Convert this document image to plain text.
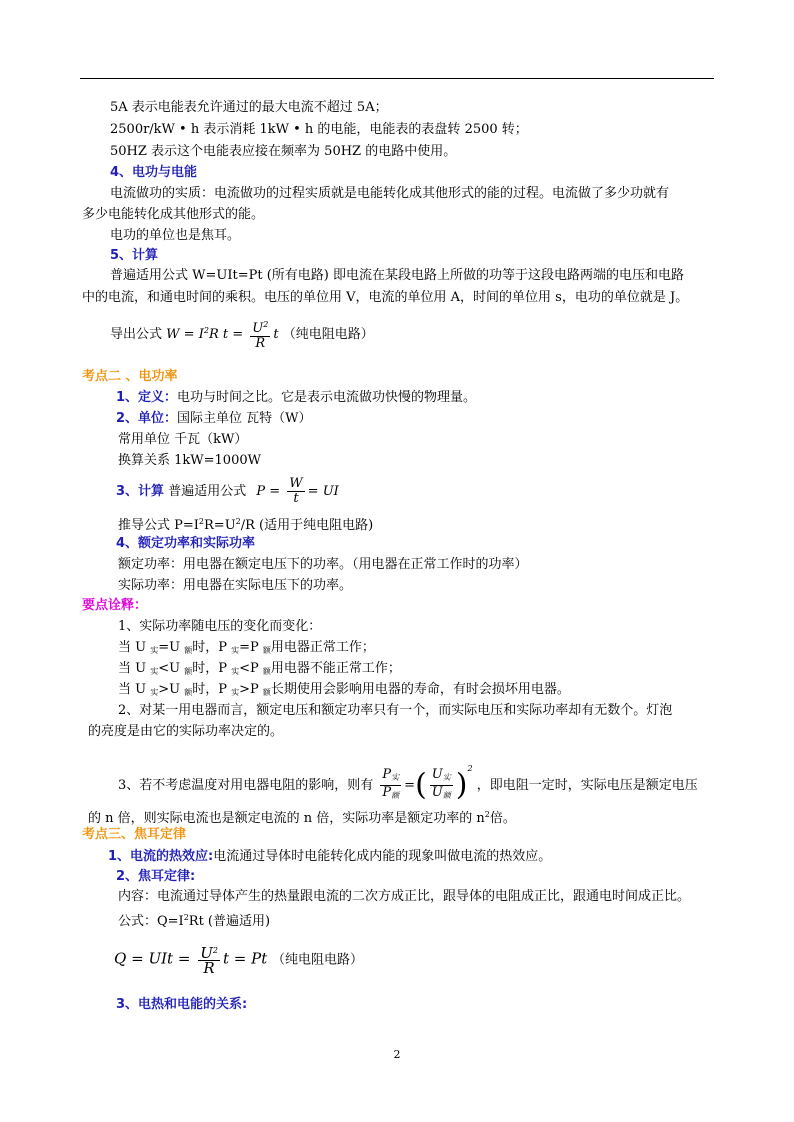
5A 表示电能表允许通过的最大电流不超过 5A；
2500r/kW • h 表示消耗 1kW • h 的电能，电能表的表盘转 2500 转；
50HZ 表示这个电能表应接在频率为 50HZ 的电路中使用。
4、电功与电能
电流做功的实质：电流做功的过程实质就是电能转化成其他形式的能的过程。电流做了多少功就有
多少电能转化成其他形式的能。
电功的单位也是焦耳。
5、计算
普遍适用公式 W=UIt=Pt (所有电路) 即电流在某段电路上所做的功等于这段电路两端的电压和电路
中的电流，和通电时间的乘积。电压的单位用 V，电流的单位用 A，时间的单位用 s，电功的单位就是 J。
导出公式 $W = I^2R$ $t = \frac{U^2}{R}$ t （纯电阻电路）
考点二 、电功率
1、定义：电功与时间之比。它是表示电流做功快慢的物理量。
2、单位：国际主单位 瓦特（W）
常用单位 千瓦（kW）
换算关系 1kW=1000W
3、计算 普遍适用公式 $P = \frac{W}{t}$ = UI
推导公式 $P=I^2R=U^2/R$ (适用于纯电阻电路)
4、额定功率和实际功率
额定功率：用电器在额定电压下的功率。（用电器在正常工作时的功率）
实际功率：用电器在实际电压下的功率。
要点诠释：
1、实际功率随电压的变化而变化：
当 U $_实$=U $_额$时，P $_实$=P $_额$用电器正常工作；
当 U $_实$<U $_额$时，P $_实$<P $_额$用电器不能正常工作；
当 U $_实$>U $_额$时，P $_实$>P $_额$长期使用会影响用电器的寿命，有时会损坏用电器。
2、对某一用电器而言，额定电压和额定功率只有一个，而实际电压和实际功率却有无数个。灯泡
的亮度是由它的实际功率决定的。
3、若不考虑温度对用电器电阻的影响，则有 $\frac{P_实}{P_额}$ =( $\frac{U_实}{U_额} )^2$ ，即电阻一定时，实际电压是额定电压
的 n 倍，则实际电流也是额定电流的 n 倍，实际功率是额定功率的 $n^2$倍。
考点三、焦耳定律
1、电流的热效应:电流通过导体时电能转化成内能的现象叫做电流的热效应。
2、焦耳定律:
内容：电流通过导体产生的热量跟电流的二次方成正比，跟导体的电阻成正比，跟通电时间成正比。
公式：$Q=I^2Rt$ (普遍适用)
Q = UIt = $\frac{U^2}{R}$ t = Pt （纯电阻电路）
3、电热和电能的关系:
2
